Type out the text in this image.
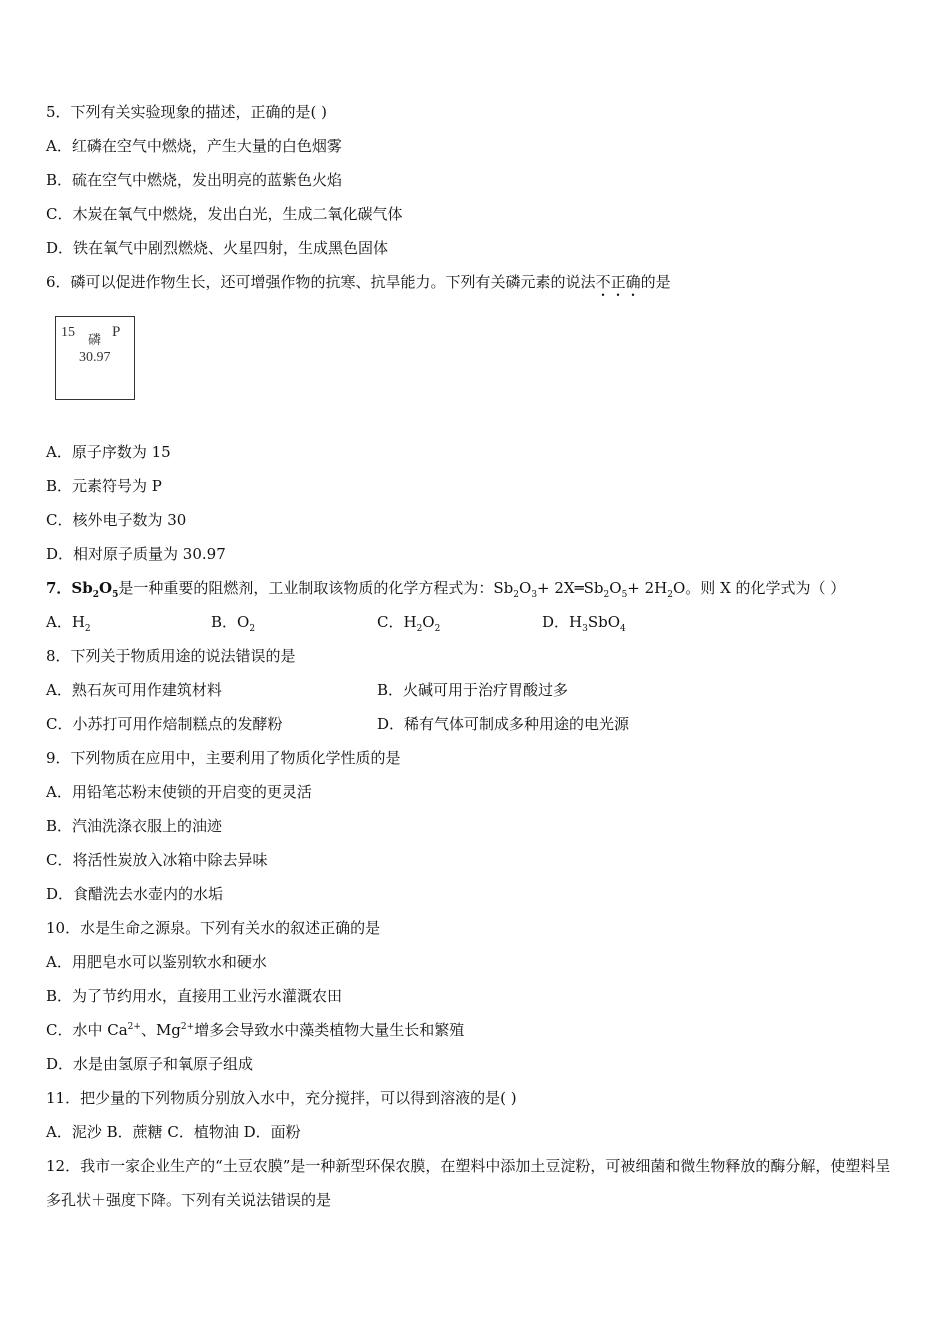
5．下列有关实验现象的描述，正确的是( )
A．红磷在空气中燃烧，产生大量的白色烟雾
B．硫在空气中燃烧，发出明亮的蓝紫色火焰
C．木炭在氧气中燃烧，发出白光，生成二氧化碳气体
D．铁在氧气中剧烈燃烧、火星四射，生成黑色固体
6．磷可以促进作物生长，还可增强作物的抗寒、抗旱能力。下列有关磷元素的说法不正确的是
15 磷 P
30.97
A．原子序数为 15
B．元素符号为 P
C．核外电子数为 30
D．相对原子质量为 30.97
7．$Sb_2O_5$是一种重要的阻燃剂，工业制取该物质的化学方程式为：$Sb_2O_3+$ $2X═Sb_2O_5+ 2H_2O$。则 X 的化学式为（ ）
A．$H_2$	B．$O_2$	C．$H_2O_2$	D．$H_3SbO_4$
8．下列关于物质用途的说法错误的是
A．熟石灰可用作建筑材料	B．火碱可用于治疗胃酸过多
C．小苏打可用作焙制糕点的发酵粉	D．稀有气体可制成多种用途的电光源
9．下列物质在应用中，主要利用了物质化学性质的是
A．用铅笔芯粉末使锁的开启变的更灵活
B．汽油洗涤衣服上的油迹
C．将活性炭放入冰箱中除去异味
D．食醋洗去水壶内的水垢
10．水是生命之源泉。下列有关水的叙述正确的是
A．用肥皂水可以鉴别软水和硬水
B．为了节约用水，直接用工业污水灌溉农田
C．水中 $Ca^{2+}$、$Mg^{2+}$增多会导致水中藻类植物大量生长和繁殖
D．水是由氢原子和氧原子组成
11．把少量的下列物质分别放入水中，充分搅拌，可以得到溶液的是( )
A．泥沙 B．蔗糖 C．植物油 D．面粉
12．我市一家企业生产的“土豆农膜”是一种新型环保农膜，在塑料中添加土豆淀粉，可被细菌和微生物释放的酶分解，使塑料呈多孔状＋强度下降。下列有关说法错误的是
